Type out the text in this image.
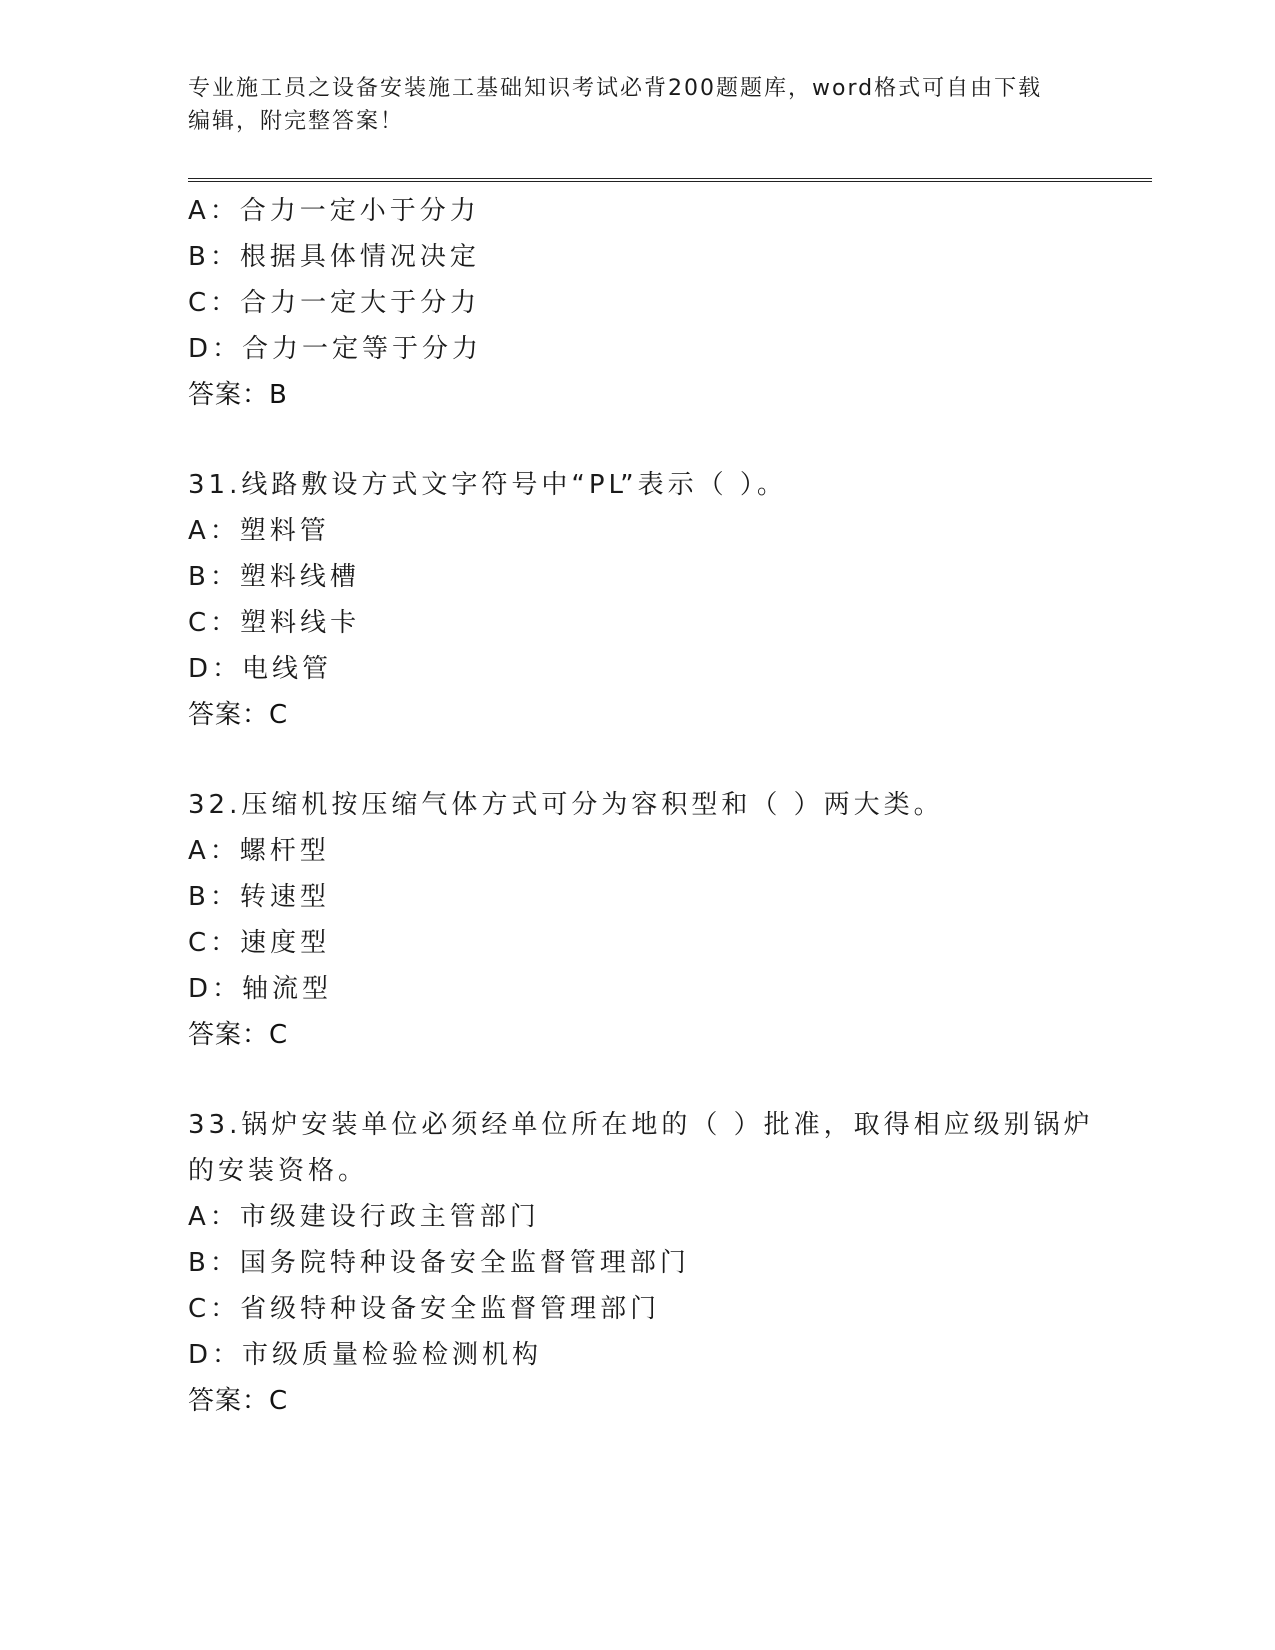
专业施工员之设备安装施工基础知识考试必背200题题库，word格式可自由下载
编辑，附完整答案！
A：合力一定小于分力
B：根据具体情况决定
C：合力一定大于分力
D：合力一定等于分力
答案：B
31.线路敷设方式文字符号中“PL”表示（ ）。
A：塑料管
B：塑料线槽
C：塑料线卡
D：电线管
答案：C
32.压缩机按压缩气体方式可分为容积型和（ ）两大类。
A：螺杆型
B：转速型
C：速度型
D：轴流型
答案：C
33.锅炉安装单位必须经单位所在地的（ ）批准，取得相应级别锅炉
的安装资格。
A：市级建设行政主管部门
B：国务院特种设备安全监督管理部门
C：省级特种设备安全监督管理部门
D：市级质量检验检测机构
答案：C
